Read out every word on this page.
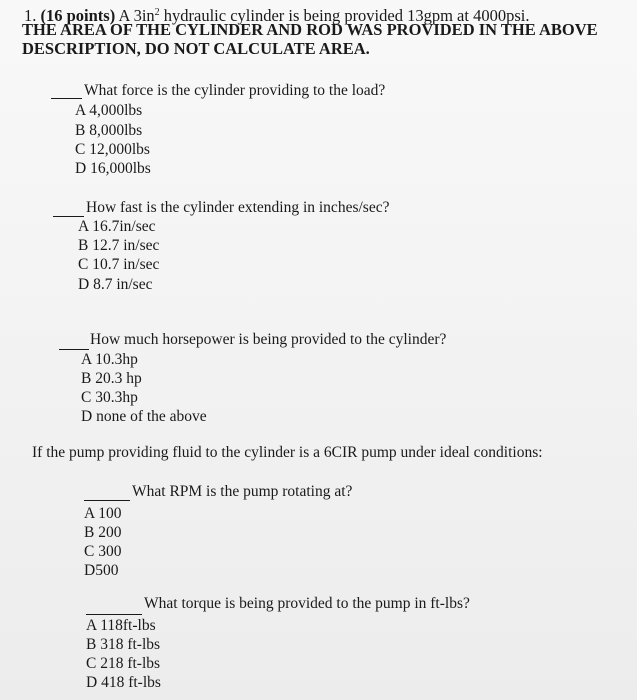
1. (16 points) A $3in^2$ hydraulic cylinder is being provided 13gpm at 4000psi.
THE AREA OF THE CYLINDER AND ROD WAS PROVIDED IN THE ABOVE
DESCRIPTION, DO NOT CALCULATE AREA.
What force is the cylinder providing to the load?
A 4,000lbs
B 8,000lbs
C 12,000lbs
D 16,000lbs
How fast is the cylinder extending in inches/sec?
A 16.7in/sec
B 12.7 in/sec
C 10.7 in/sec
D 8.7 in/sec
How much horsepower is being provided to the cylinder?
A 10.3hp
B 20.3 hp
C 30.3hp
D none of the above
If the pump providing fluid to the cylinder is a 6CIR pump under ideal conditions:
What RPM is the pump rotating at?
A 100
B 200
C 300
D500
What torque is being provided to the pump in ft-lbs?
A 118ft-lbs
B 318 ft-lbs
C 218 ft-lbs
D 418 ft-lbs
